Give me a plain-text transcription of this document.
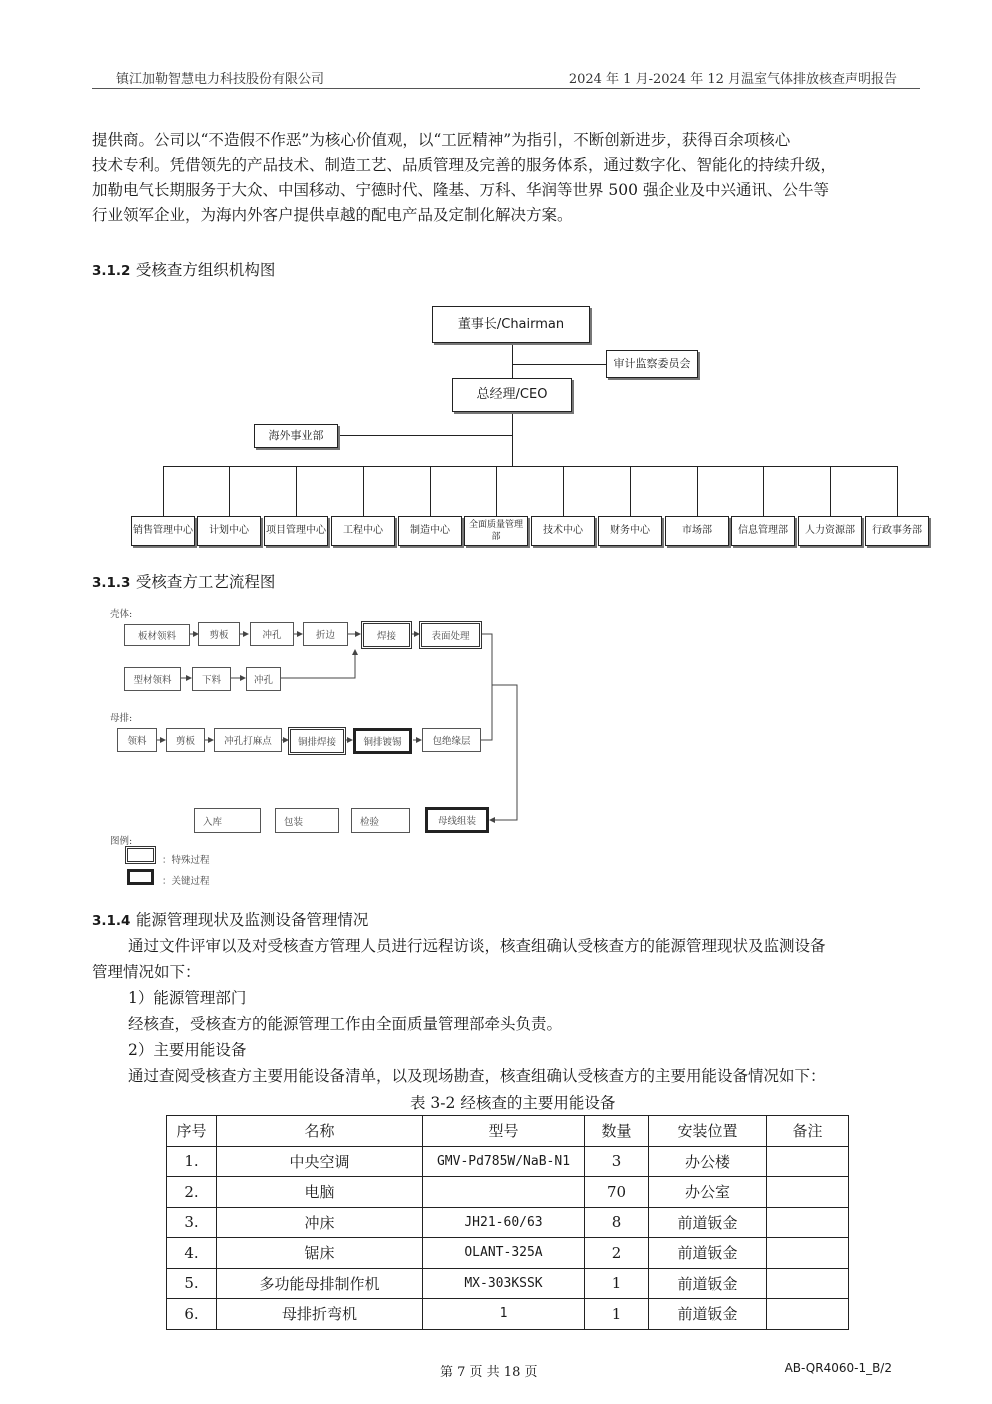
镇江加勒智慧电力科技股份有限公司	2024 年 1 月-2024 年 12 月温室气体排放核查声明报告
提供商。公司以“不造假不作恶”为核心价值观，以“工匠精神”为指引，不断创新进步，获得百余项核心
技术专利。凭借领先的产品技术、制造工艺、品质管理及完善的服务体系，通过数字化、智能化的持续升级，
加勒电气长期服务于大众、中国移动、宁德时代、隆基、万科、华润等世界 500 强企业及中兴通讯、公牛等
行业领军企业，为海内外客户提供卓越的配电产品及定制化解决方案。
3.1.2 受核查方组织机构图
董事长/Chairman
审计监察委员会
总经理/CEO
海外事业部
销售管理中心	计划中心	项目管理中心	工程中心	制造中心	全面质量管理部
技术中心	财务中心	市场部	信息管理部	人力资源部	行政事务部
3.1.3 受核查方工艺流程图
壳体:
板材领料	剪板	冲孔	折边	焊接	表面处理
型材领料	下料	冲孔
母排:
领料	剪板	冲孔打麻点	铜排焊接	铜排镀锡	包绝缘层
入库	包装	检验	母线组装
图例:
：特殊过程
：关键过程
3.1.4 能源管理现状及监测设备管理情况
通过文件评审以及对受核查方管理人员进行远程访谈，核查组确认受核查方的能源管理现状及监测设备
管理情况如下：
1）能源管理部门
经核查，受核查方的能源管理工作由全面质量管理部牵头负责。
2）主要用能设备
通过查阅受核查方主要用能设备清单，以及现场勘查，核查组确认受核查方的主要用能设备情况如下：
表 3-2 经核查的主要用能设备
序号	名称	型号	数量	安装位置	备注
1.	中央空调	GMV-Pd785W/NaB-N1	3	办公楼	
2.	电脑		70	办公室	
3.	冲床	JH21-60/63	8	前道钣金	
4.	锯床	OLANT-325A	2	前道钣金	
5.	多功能母排制作机	MX-303KSSK	1	前道钣金	
6.	母排折弯机	1	1	前道钣金	
第 7 页 共 18 页	AB-QR4060-1_B/2
